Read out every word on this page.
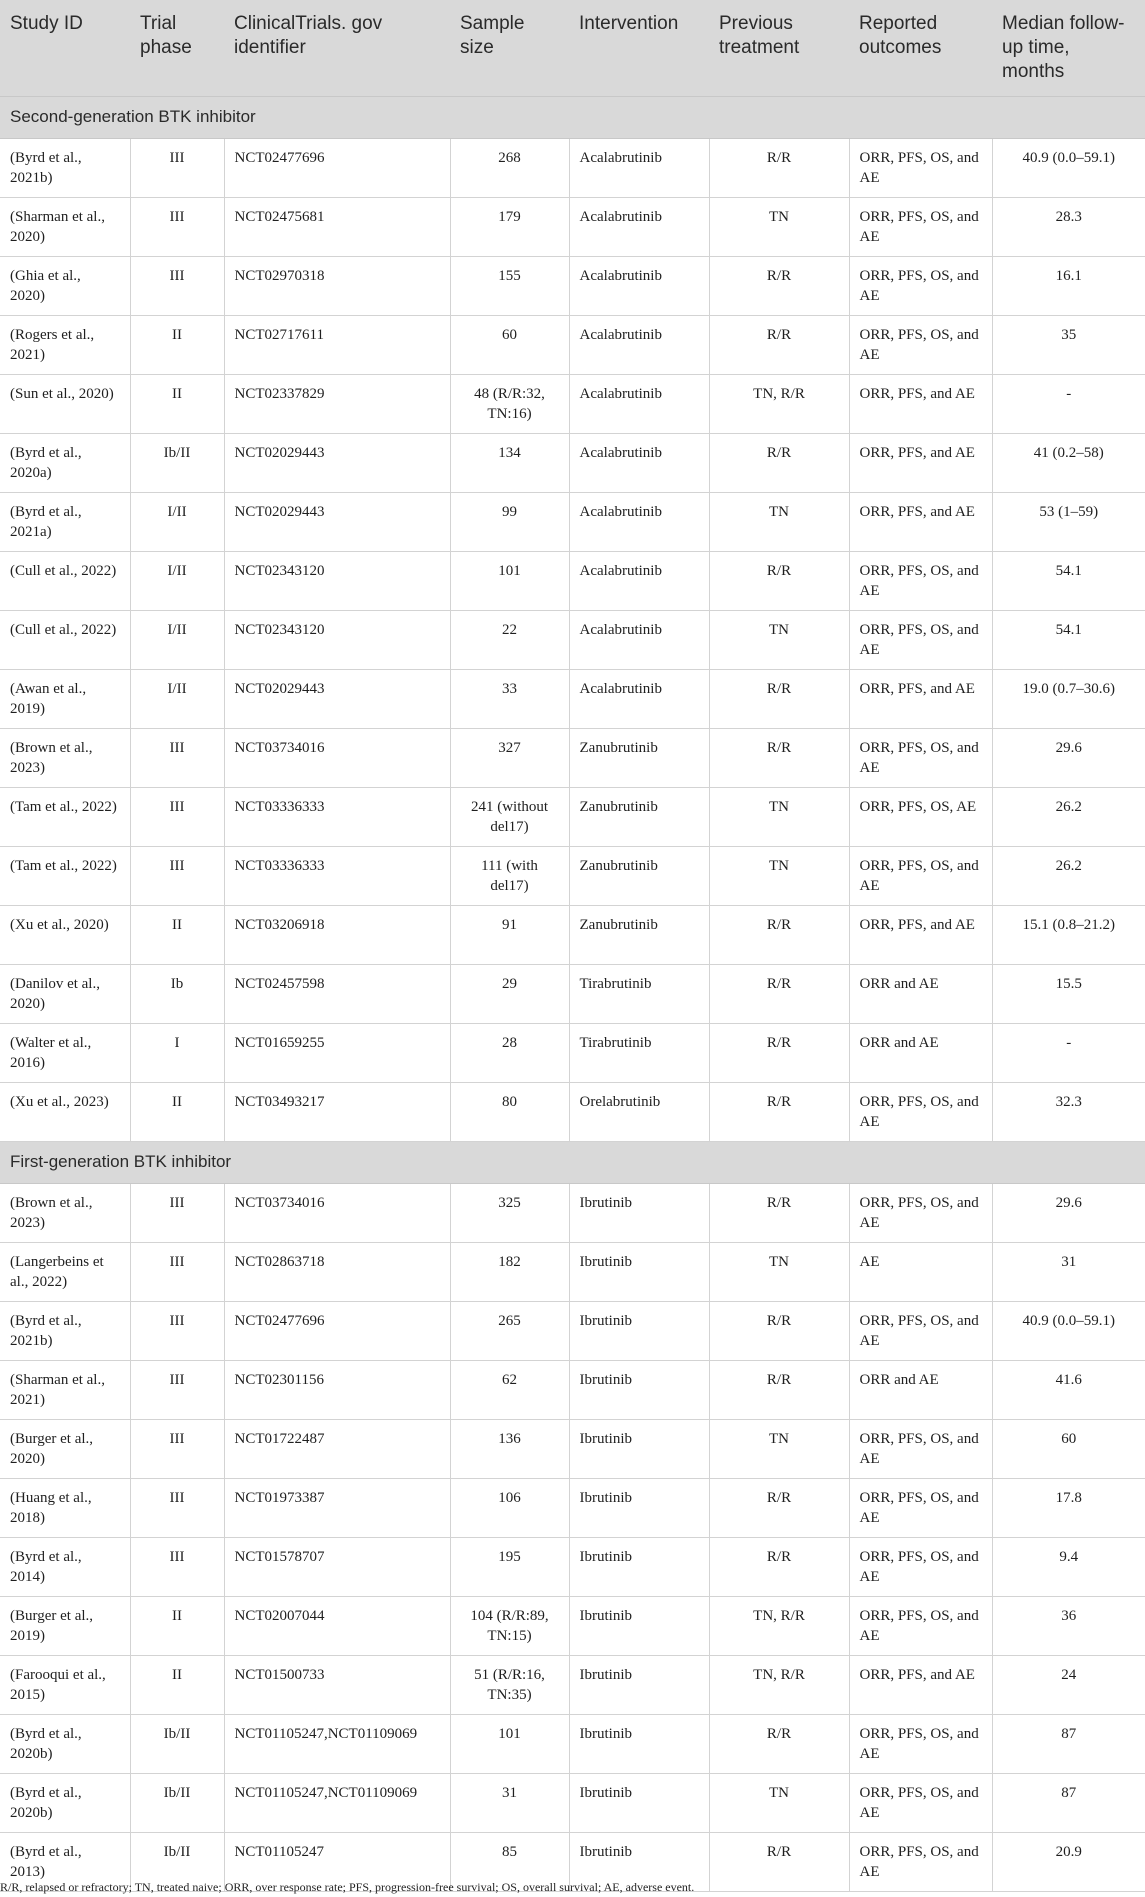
Study ID	Trial phase	ClinicalTrials. gov identifier	Sample size	Intervention	Previous treatment	Reported outcomes	Median follow-up time, months
Second-generation BTK inhibitor							
(Byrd et al., 2021b)	III	NCT02477696	268	Acalabrutinib	R/R	ORR, PFS, OS, and AE	40.9 (0.0–59.1)
(Sharman et al., 2020)	III	NCT02475681	179	Acalabrutinib	TN	ORR, PFS, OS, and AE	28.3
(Ghia et al., 2020)	III	NCT02970318	155	Acalabrutinib	R/R	ORR, PFS, OS, and AE	16.1
(Rogers et al., 2021)	II	NCT02717611	60	Acalabrutinib	R/R	ORR, PFS, OS, and AE	35
(Sun et al., 2020)	II	NCT02337829	48 (R/R:32, TN:16)	Acalabrutinib	TN, R/R	ORR, PFS, and AE	-
(Byrd et al., 2020a)	Ib/II	NCT02029443	134	Acalabrutinib	R/R	ORR, PFS, and AE	41 (0.2–58)
(Byrd et al., 2021a)	I/II	NCT02029443	99	Acalabrutinib	TN	ORR, PFS, and AE	53 (1–59)
(Cull et al., 2022)	I/II	NCT02343120	101	Acalabrutinib	R/R	ORR, PFS, OS, and AE	54.1
(Cull et al., 2022)	I/II	NCT02343120	22	Acalabrutinib	TN	ORR, PFS, OS, and AE	54.1
(Awan et al., 2019)	I/II	NCT02029443	33	Acalabrutinib	R/R	ORR, PFS, and AE	19.0 (0.7–30.6)
(Brown et al., 2023)	III	NCT03734016	327	Zanubrutinib	R/R	ORR, PFS, OS, and AE	29.6
(Tam et al., 2022)	III	NCT03336333	241 (without del17)	Zanubrutinib	TN	ORR, PFS, OS, AE	26.2
(Tam et al., 2022)	III	NCT03336333	111 (with del17)	Zanubrutinib	TN	ORR, PFS, OS, and AE	26.2
(Xu et al., 2020)	II	NCT03206918	91	Zanubrutinib	R/R	ORR, PFS, and AE	15.1 (0.8–21.2)
(Danilov et al., 2020)	Ib	NCT02457598	29	Tirabrutinib	R/R	ORR and AE	15.5
(Walter et al., 2016)	I	NCT01659255	28	Tirabrutinib	R/R	ORR and AE	-
(Xu et al., 2023)	II	NCT03493217	80	Orelabrutinib	R/R	ORR, PFS, OS, and AE	32.3
First-generation BTK inhibitor							
(Brown et al., 2023)	III	NCT03734016	325	Ibrutinib	R/R	ORR, PFS, OS, and AE	29.6
(Langerbeins et al., 2022)	III	NCT02863718	182	Ibrutinib	TN	AE	31
(Byrd et al., 2021b)	III	NCT02477696	265	Ibrutinib	R/R	ORR, PFS, OS, and AE	40.9 (0.0–59.1)
(Sharman et al., 2021)	III	NCT02301156	62	Ibrutinib	R/R	ORR and AE	41.6
(Burger et al., 2020)	III	NCT01722487	136	Ibrutinib	TN	ORR, PFS, OS, and AE	60
(Huang et al., 2018)	III	NCT01973387	106	Ibrutinib	R/R	ORR, PFS, OS, and AE	17.8
(Byrd et al., 2014)	III	NCT01578707	195	Ibrutinib	R/R	ORR, PFS, OS, and AE	9.4
(Burger et al., 2019)	II	NCT02007044	104 (R/R:89, TN:15)	Ibrutinib	TN, R/R	ORR, PFS, OS, and AE	36
(Farooqui et al., 2015)	II	NCT01500733	51 (R/R:16, TN:35)	Ibrutinib	TN, R/R	ORR, PFS, and AE	24
(Byrd et al., 2020b)	Ib/II	NCT01105247,NCT01109069	101	Ibrutinib	R/R	ORR, PFS, OS, and AE	87
(Byrd et al., 2020b)	Ib/II	NCT01105247,NCT01109069	31	Ibrutinib	TN	ORR, PFS, OS, and AE	87
(Byrd et al., 2013)	Ib/II	NCT01105247	85	Ibrutinib	R/R	ORR, PFS, OS, and AE	20.9
R/R, relapsed or refractory; TN, treated naive; ORR, over response rate; PFS, progression-free survival; OS, overall survival; AE, adverse event.
